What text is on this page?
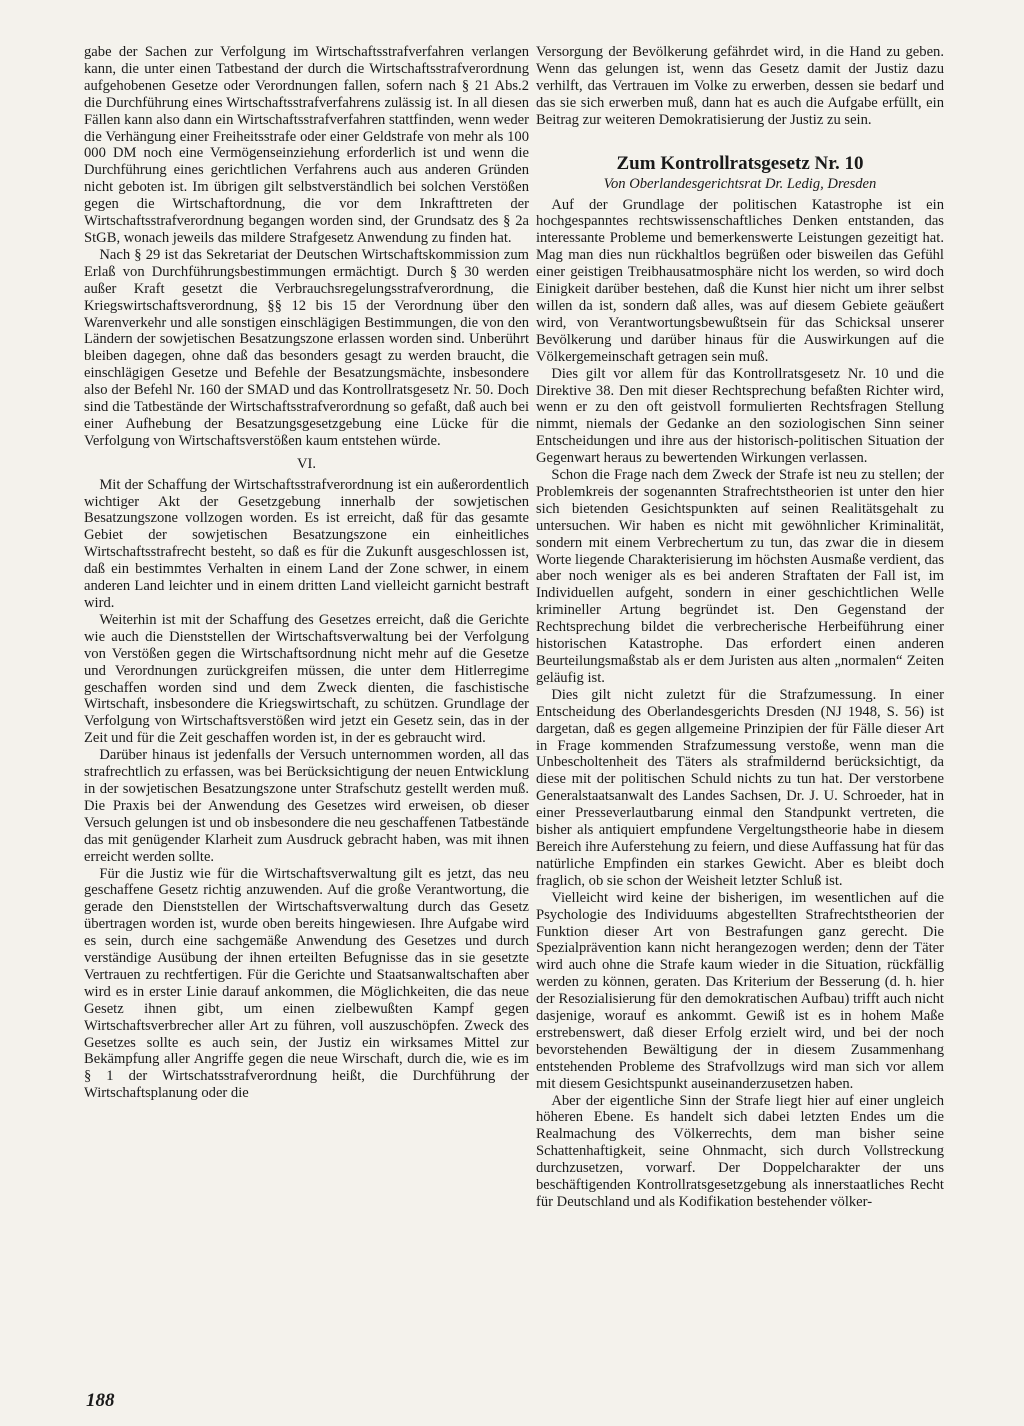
gabe der Sachen zur Verfolgung im Wirtschaftsstrafverfahren verlangen kann, die unter einen Tatbestand der durch die Wirtschaftsstrafverordnung aufgehobenen Gesetze oder Verordnungen fallen, sofern nach § 21 Abs.2 die Durchführung eines Wirtschaftsstrafverfahrens zulässig ist. In all diesen Fällen kann also dann ein Wirtschaftsstrafverfahren stattfinden, wenn weder die Verhängung einer Freiheitsstrafe oder einer Geldstrafe von mehr als 100 000 DM noch eine Vermögenseinziehung erforderlich ist und wenn die Durchführung eines gerichtlichen Verfahrens auch aus anderen Gründen nicht geboten ist. Im übrigen gilt selbstverständlich bei solchen Verstößen gegen die Wirtschaftordnung, die vor dem Inkrafttreten der Wirtschaftsstrafverordnung begangen worden sind, der Grundsatz des § 2a StGB, wonach jeweils das mildere Strafgesetz Anwendung zu finden hat.

Nach § 29 ist das Sekretariat der Deutschen Wirtschaftskommission zum Erlaß von Durchführungsbestimmungen ermächtigt. Durch § 30 werden außer Kraft gesetzt die Verbrauchsregelungsstrafverordnung, die Kriegswirtschaftsverordnung, §§ 12 bis 15 der Verordnung über den Warenverkehr und alle sonstigen einschlägigen Bestimmungen, die von den Ländern der sowjetischen Besatzungszone erlassen worden sind. Unberührt bleiben dagegen, ohne daß das besonders gesagt zu werden braucht, die einschlägigen Gesetze und Befehle der Besatzungsmächte, insbesondere also der Befehl Nr. 160 der SMAD und das Kontrollratsgesetz Nr. 50. Doch sind die Tatbestände der Wirtschaftsstrafverordnung so gefaßt, daß auch bei einer Aufhebung der Besatzungsgesetzgebung eine Lücke für die Verfolgung von Wirtschaftsverstößen kaum entstehen würde.

VI.

Mit der Schaffung der Wirtschaftsstrafverordnung ist ein außerordentlich wichtiger Akt der Gesetzgebung innerhalb der sowjetischen Besatzungszone vollzogen worden. Es ist erreicht, daß für das gesamte Gebiet der sowjetischen Besatzungszone ein einheitliches Wirtschaftsstrafrecht besteht, so daß es für die Zukunft ausgeschlossen ist, daß ein bestimmtes Verhalten in einem Land der Zone schwer, in einem anderen Land leichter und in einem dritten Land vielleicht garnicht bestraft wird.

Weiterhin ist mit der Schaffung des Gesetzes erreicht, daß die Gerichte wie auch die Dienststellen der Wirtschaftsverwaltung bei der Verfolgung von Verstößen gegen die Wirtschaftsordnung nicht mehr auf die Gesetze und Verordnungen zurückgreifen müssen, die unter dem Hitlerregime geschaffen worden sind und dem Zweck dienten, die faschistische Wirtschaft, insbesondere die Kriegswirtschaft, zu schützen. Grundlage der Verfolgung von Wirtschaftsverstößen wird jetzt ein Gesetz sein, das in der Zeit und für die Zeit geschaffen worden ist, in der es gebraucht wird.

Darüber hinaus ist jedenfalls der Versuch unternommen worden, all das strafrechtlich zu erfassen, was bei Berücksichtigung der neuen Entwicklung in der sowjetischen Besatzungszone unter Strafschutz gestellt werden muß. Die Praxis bei der Anwendung des Gesetzes wird erweisen, ob dieser Versuch gelungen ist und ob insbesondere die neu geschaffenen Tatbestände das mit genügender Klarheit zum Ausdruck gebracht haben, was mit ihnen erreicht werden sollte.

Für die Justiz wie für die Wirtschaftsverwaltung gilt es jetzt, das neu geschaffene Gesetz richtig anzuwenden. Auf die große Verantwortung, die gerade den Dienststellen der Wirtschaftsverwaltung durch das Gesetz übertragen worden ist, wurde oben bereits hingewiesen. Ihre Aufgabe wird es sein, durch eine sachgemäße Anwendung des Gesetzes und durch verständige Ausübung der ihnen erteilten Befugnisse das in sie gesetzte Vertrauen zu rechtfertigen. Für die Gerichte und Staatsanwaltschaften aber wird es in erster Linie darauf ankommen, die Möglichkeiten, die das neue Gesetz ihnen gibt, um einen zielbewußten Kampf gegen Wirtschaftsverbrecher aller Art zu führen, voll auszuschöpfen. Zweck des Gesetzes sollte es auch sein, der Justiz ein wirksames Mittel zur Bekämpfung aller Angriffe gegen die neue Wirschaft, durch die, wie es im § 1 der Wirtschatsstrafverordnung heißt, die Durchführung der Wirtschaftsplanung oder die

Versorgung der Bevölkerung gefährdet wird, in die Hand zu geben. Wenn das gelungen ist, wenn das Gesetz damit der Justiz dazu verhilft, das Vertrauen im Volke zu erwerben, dessen sie bedarf und das sie sich erwerben muß, dann hat es auch die Aufgabe erfüllt, ein Beitrag zur weiteren Demokratisierung der Justiz zu sein.

Zum Kontrollratsgesetz Nr. 10
Von Oberlandesgerichtsrat Dr. Ledig, Dresden

Auf der Grundlage der politischen Katastrophe ist ein hochgespanntes rechtswissenschaftliches Denken entstanden, das interessante Probleme und bemerkenswerte Leistungen gezeitigt hat. Mag man dies nun rückhaltlos begrüßen oder bisweilen das Gefühl einer geistigen Treibhausatmosphäre nicht los werden, so wird doch Einigkeit darüber bestehen, daß die Kunst hier nicht um ihrer selbst willen da ist, sondern daß alles, was auf diesem Gebiete geäußert wird, von Verantwortungsbewußtsein für das Schicksal unserer Bevölkerung und darüber hinaus für die Auswirkungen auf die Völkergemeinschaft getragen sein muß.

Dies gilt vor allem für das Kontrollratsgesetz Nr. 10 und die Direktive 38. Den mit dieser Rechtsprechung befaßten Richter wird, wenn er zu den oft geistvoll formulierten Rechtsfragen Stellung nimmt, niemals der Gedanke an den soziologischen Sinn seiner Entscheidungen und ihre aus der historisch-politischen Situation der Gegenwart heraus zu bewertenden Wirkungen verlassen.

Schon die Frage nach dem Zweck der Strafe ist neu zu stellen; der Problemkreis der sogenannten Strafrechtstheorien ist unter den hier sich bietenden Gesichtspunkten auf seinen Realitätsgehalt zu untersuchen. Wir haben es nicht mit gewöhnlicher Kriminalität, sondern mit einem Verbrechertum zu tun, das zwar die in diesem Worte liegende Charakterisierung im höchsten Ausmaße verdient, das aber noch weniger als es bei anderen Straftaten der Fall ist, im Individuellen aufgeht, sondern in einer geschichtlichen Welle krimineller Artung begründet ist. Den Gegenstand der Rechtsprechung bildet die verbrecherische Herbeiführung einer historischen Katastrophe. Das erfordert einen anderen Beurteilungsmaßstab als er dem Juristen aus alten „normalen“ Zeiten geläufig ist.

Dies gilt nicht zuletzt für die Strafzumessung. In einer Entscheidung des Oberlandesgerichts Dresden (NJ 1948, S. 56) ist dargetan, daß es gegen allgemeine Prinzipien der für Fälle dieser Art in Frage kommenden Strafzumessung verstoße, wenn man die Unbescholtenheit des Täters als strafmildernd berücksichtigt, da diese mit der politischen Schuld nichts zu tun hat. Der verstorbene Generalstaatsanwalt des Landes Sachsen, Dr. J. U. Schroeder, hat in einer Presseverlautbarung einmal den Standpunkt vertreten, die bisher als antiquiert empfundene Vergeltungstheorie habe in diesem Bereich ihre Auferstehung zu feiern, und diese Auffassung hat für das natürliche Empfinden ein starkes Gewicht. Aber es bleibt doch fraglich, ob sie schon der Weisheit letzter Schluß ist.

Vielleicht wird keine der bisherigen, im wesentlichen auf die Psychologie des Individuums abgestellten Strafrechtstheorien der Funktion dieser Art von Bestrafungen ganz gerecht. Die Spezialprävention kann nicht herangezogen werden; denn der Täter wird auch ohne die Strafe kaum wieder in die Situation, rückfällig werden zu können, geraten. Das Kriterium der Besserung (d. h. hier der Resozialisierung für den demokratischen Aufbau) trifft auch nicht dasjenige, worauf es ankommt. Gewiß ist es in hohem Maße erstrebenswert, daß dieser Erfolg erzielt wird, und bei der noch bevorstehenden Bewältigung der in diesem Zusammenhang entstehenden Probleme des Strafvollzugs wird man sich vor allem mit diesem Gesichtspunkt auseinanderzusetzen haben.

Aber der eigentliche Sinn der Strafe liegt hier auf einer ungleich höheren Ebene. Es handelt sich dabei letzten Endes um die Realmachung des Völkerrechts, dem man bisher seine Schattenhaftigkeit, seine Ohnmacht, sich durch Vollstreckung durchzusetzen, vorwarf. Der Doppelcharakter der uns beschäftigenden Kontrollratsgesetzgebung als innerstaatliches Recht für Deutschland und als Kodifikation bestehender völker-

188
